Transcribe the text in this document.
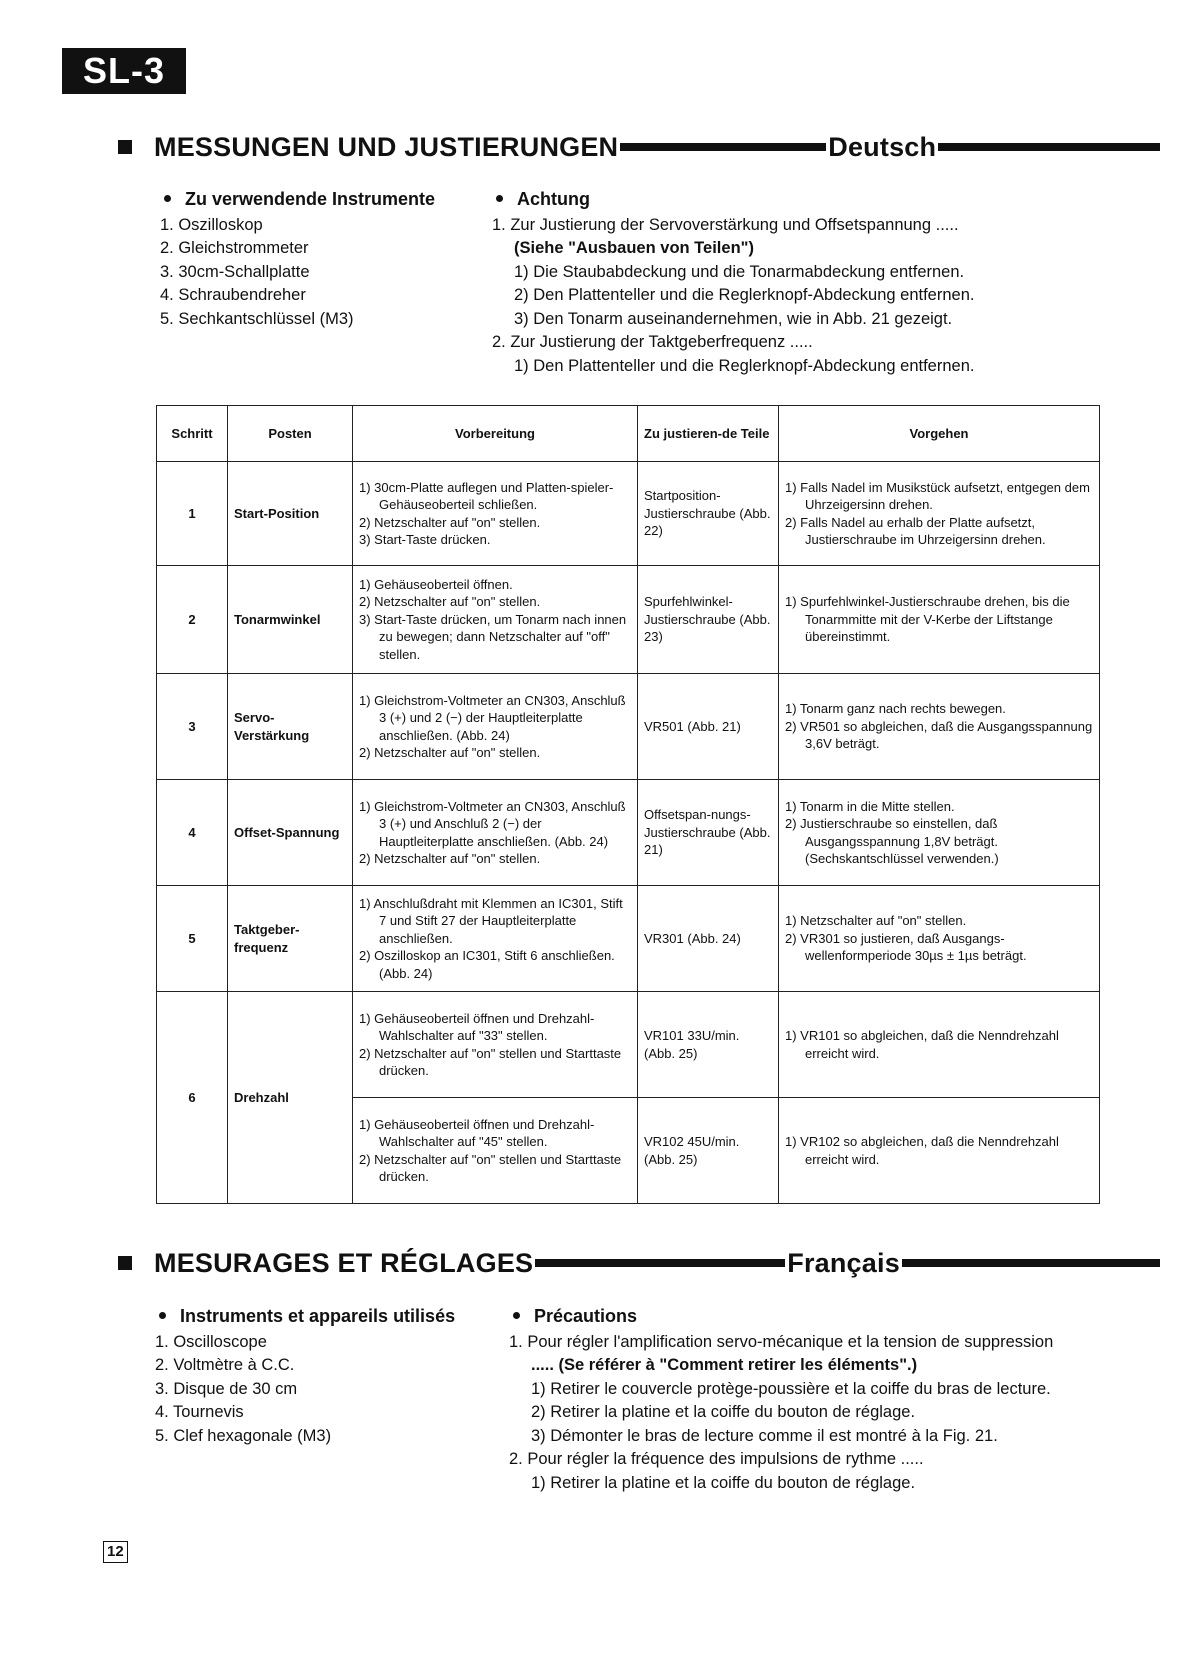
SL-3
MESSUNGEN UND JUSTIERUNGEN	Deutsch
Zu verwendende Instrumente
1. Oszilloskop
2. Gleichstrommeter
3. 30cm-Schallplatte
4. Schraubendreher
5. Sechkantschlüssel (M3)
Achtung
1. Zur Justierung der Servoverstärkung und Offsetspannung .....
(Siehe "Ausbauen von Teilen")
1) Die Staubabdeckung und die Tonarmabdeckung entfernen.
2) Den Plattenteller und die Reglerknopf-Abdeckung entfernen.
3) Den Tonarm auseinandernehmen, wie in Abb. 21 gezeigt.
2. Zur Justierung der Taktgeberfrequenz .....
1) Den Plattenteller und die Reglerknopf-Abdeckung entfernen.
Schritt	Posten	Vorbereitung	Zu justieren-de Teile	Vorgehen
1	Start-Position	1) 30cm-Platte auflegen und Platten-spieler-Gehäuseoberteil schließen.
2) Netzschalter auf "on" stellen.
3) Start-Taste drücken.	Startposition-Justierschraube (Abb. 22)	1) Falls Nadel im Musikstück aufsetzt, entgegen dem Uhrzeigersinn drehen.
2) Falls Nadel au erhalb der Platte aufsetzt, Justierschraube im Uhrzeigersinn drehen.

2	Tonarmwinkel	1) Gehäuseoberteil öffnen.
2) Netzschalter auf "on" stellen.
3) Start-Taste drücken, um Tonarm nach innen zu bewegen; dann Netzschalter auf "off" stellen.	Spurfehlwinkel-Justierschraube (Abb. 23)	1) Spurfehlwinkel-Justierschraube drehen, bis die Tonarmmitte mit der V-Kerbe der Liftstange übereinstimmt.

3	Servo-Verstärkung	1) Gleichstrom-Voltmeter an CN303, Anschluß 3 (+) und 2 (−) der Hauptleiterplatte anschließen. (Abb. 24)
2) Netzschalter auf "on" stellen.	VR501 (Abb. 21)	1) Tonarm ganz nach rechts bewegen.
2) VR501 so abgleichen, daß die Ausgangsspannung 3,6V beträgt.

4	Offset-Spannung	1) Gleichstrom-Voltmeter an CN303, Anschluß 3 (+) und Anschluß 2 (−) der Hauptleiterplatte anschließen. (Abb. 24)
2) Netzschalter auf "on" stellen.	Offsetspan-nungs-Justierschraube (Abb. 21)	1) Tonarm in die Mitte stellen.
2) Justierschraube so einstellen, daß Ausgangsspannung 1,8V beträgt. (Sechskantschlüssel verwenden.)

5	Taktgeber-frequenz	1) Anschlußdraht mit Klemmen an IC301, Stift 7 und Stift 27 der Hauptleiterplatte anschließen.
2) Oszilloskop an IC301, Stift 6 anschließen. (Abb. 24)	VR301 (Abb. 24)	1) Netzschalter auf "on" stellen.
2) VR301 so justieren, daß Ausgangs-wellenformperiode 30µs ± 1µs beträgt.

6	Drehzahl	1) Gehäuseoberteil öffnen und Drehzahl-Wahlschalter auf "33" stellen.
2) Netzschalter auf "on" stellen und Starttaste drücken.	VR101 33U/min. (Abb. 25)	1) VR101 so abgleichen, daß die Nenndrehzahl erreicht wird.

		1) Gehäuseoberteil öffnen und Drehzahl-Wahlschalter auf "45" stellen.
2) Netzschalter auf "on" stellen und Starttaste drücken.	VR102 45U/min. (Abb. 25)	1) VR102 so abgleichen, daß die Nenndrehzahl erreicht wird.
MESURAGES ET RÉGLAGES	Français
Instruments et appareils utilisés
1. Oscilloscope
2. Voltmètre à C.C.
3. Disque de 30 cm
4. Tournevis
5. Clef hexagonale (M3)
Précautions
1. Pour régler l'amplification servo-mécanique et la tension de suppression
..... (Se référer à "Comment retirer les éléments".)
1) Retirer le couvercle protège-poussière et la coiffe du bras de lecture.
2) Retirer la platine et la coiffe du bouton de réglage.
3) Démonter le bras de lecture comme il est montré à la Fig. 21.
2. Pour régler la fréquence des impulsions de rythme .....
1) Retirer la platine et la coiffe du bouton de réglage.
12
